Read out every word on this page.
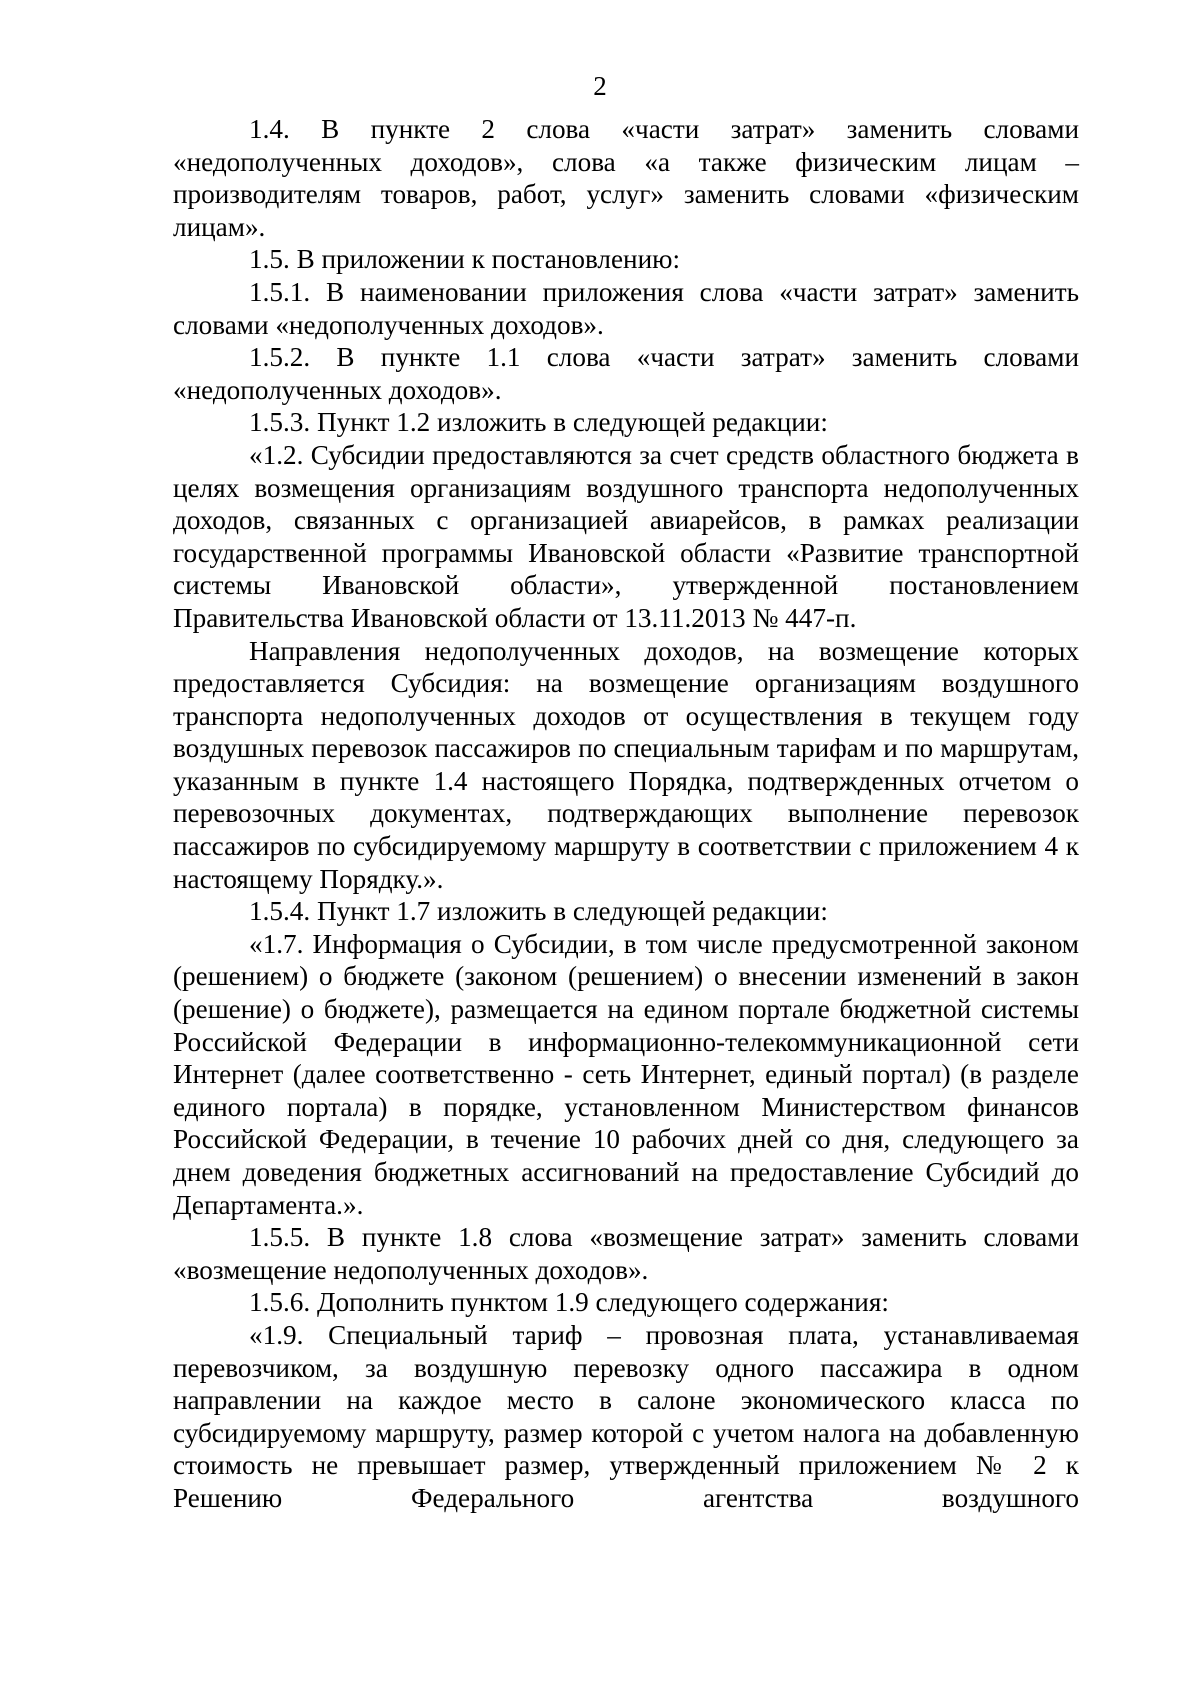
2

1.4. В пункте 2 слова «части затрат» заменить словами «недополученных доходов», слова «а также физическим лицам – производителям товаров, работ, услуг» заменить словами «физическим лицам».

1.5. В приложении к постановлению:

1.5.1. В наименовании приложения слова «части затрат» заменить словами «недополученных доходов».

1.5.2. В пункте 1.1 слова «части затрат» заменить словами «недополученных доходов».

1.5.3. Пункт 1.2 изложить в следующей редакции:

«1.2. Субсидии предоставляются за счет средств областного бюджета в целях возмещения организациям воздушного транспорта недополученных доходов, связанных с организацией авиарейсов, в рамках реализации государственной программы Ивановской области «Развитие транспортной системы Ивановской области», утвержденной постановлением Правительства Ивановской области от 13.11.2013 № 447-п.

Направления недополученных доходов, на возмещение которых предоставляется Субсидия: на возмещение организациям воздушного транспорта недополученных доходов от осуществления в текущем году воздушных перевозок пассажиров по специальным тарифам и по маршрутам, указанным в пункте 1.4 настоящего Порядка, подтвержденных отчетом о перевозочных документах, подтверждающих выполнение перевозок пассажиров по субсидируемому маршруту в соответствии с приложением 4 к настоящему Порядку.».

1.5.4. Пункт 1.7 изложить в следующей редакции:

«1.7. Информация о Субсидии, в том числе предусмотренной законом (решением) о бюджете (законом (решением) о внесении изменений в закон (решение) о бюджете), размещается на едином портале бюджетной системы Российской Федерации в информационно-телекоммуникационной сети Интернет (далее соответственно - сеть Интернет, единый портал) (в разделе единого портала) в порядке, установленном Министерством финансов Российской Федерации, в течение 10 рабочих дней со дня, следующего за днем доведения бюджетных ассигнований на предоставление Субсидий до Департамента.».

1.5.5. В пункте 1.8 слова «возмещение затрат» заменить словами «возмещение недополученных доходов».

1.5.6. Дополнить пунктом 1.9 следующего содержания:

«1.9. Специальный тариф – провозная плата, устанавливаемая перевозчиком, за воздушную перевозку одного пассажира в одном направлении на каждое место в салоне экономического класса по субсидируемому маршруту, размер которой с учетом налога на добавленную стоимость не превышает размер, утвержденный приложением № 2 к Решению Федерального агентства воздушного
